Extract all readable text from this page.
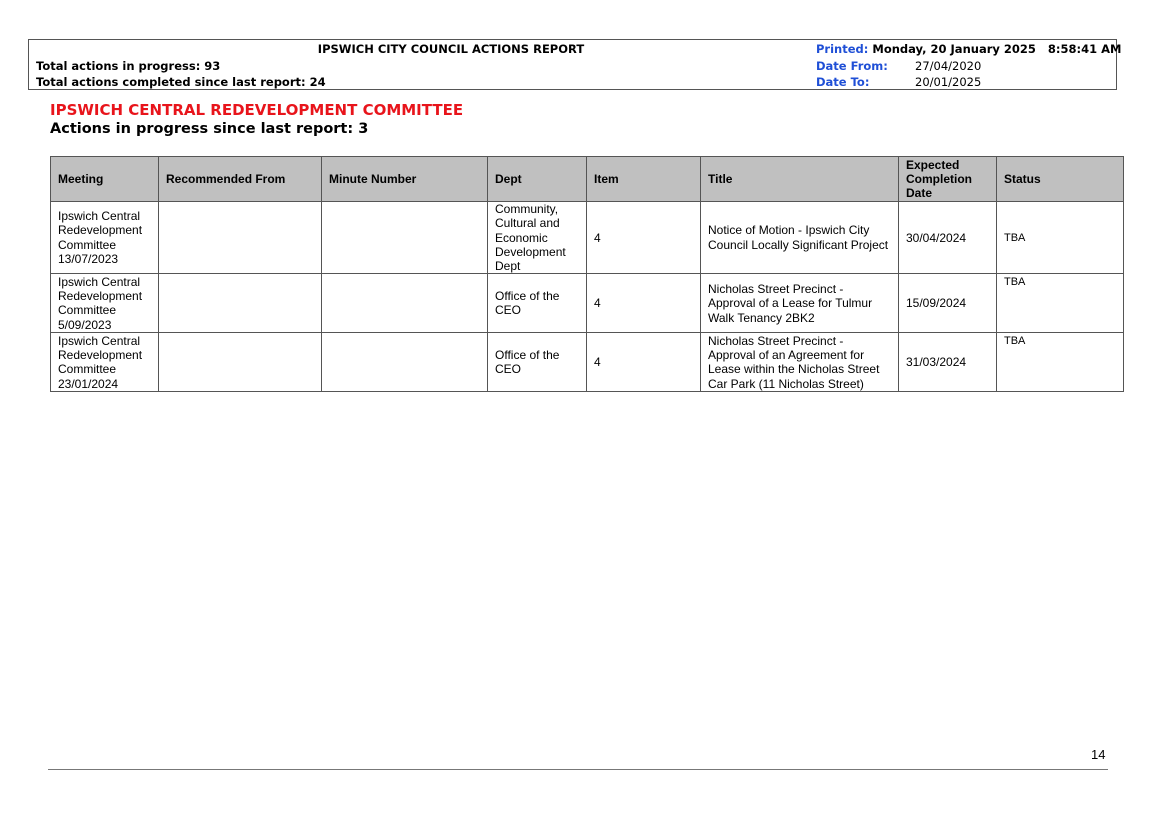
IPSWICH CITY COUNCIL ACTIONS REPORT
Total actions in progress: 93
Total actions completed since last report: 24
Printed: Monday, 20 January 2025   8:58:41 AM
Date From: 27/04/2020
Date To:	20/01/2025
IPSWICH CENTRAL REDEVELOPMENT COMMITTEE
Actions in progress since last report: 3
Meeting	Recommended From	Minute Number	Dept	Item	Title	Expected Completion Date	Status
Ipswich Central Redevelopment Committee 13/07/2023			Community, Cultural and Economic Development Dept	4	Notice of Motion - Ipswich City Council Locally Significant Project	30/04/2024	TBA
Ipswich Central Redevelopment Committee 5/09/2023			Office of the CEO	4	Nicholas Street Precinct - Approval of a Lease for Tulmur Walk Tenancy 2BK2	15/09/2024	TBA
Ipswich Central Redevelopment Committee 23/01/2024			Office of the CEO	4	Nicholas Street Precinct - Approval of an Agreement for Lease within the Nicholas Street Car Park (11 Nicholas Street)	31/03/2024	TBA
14
